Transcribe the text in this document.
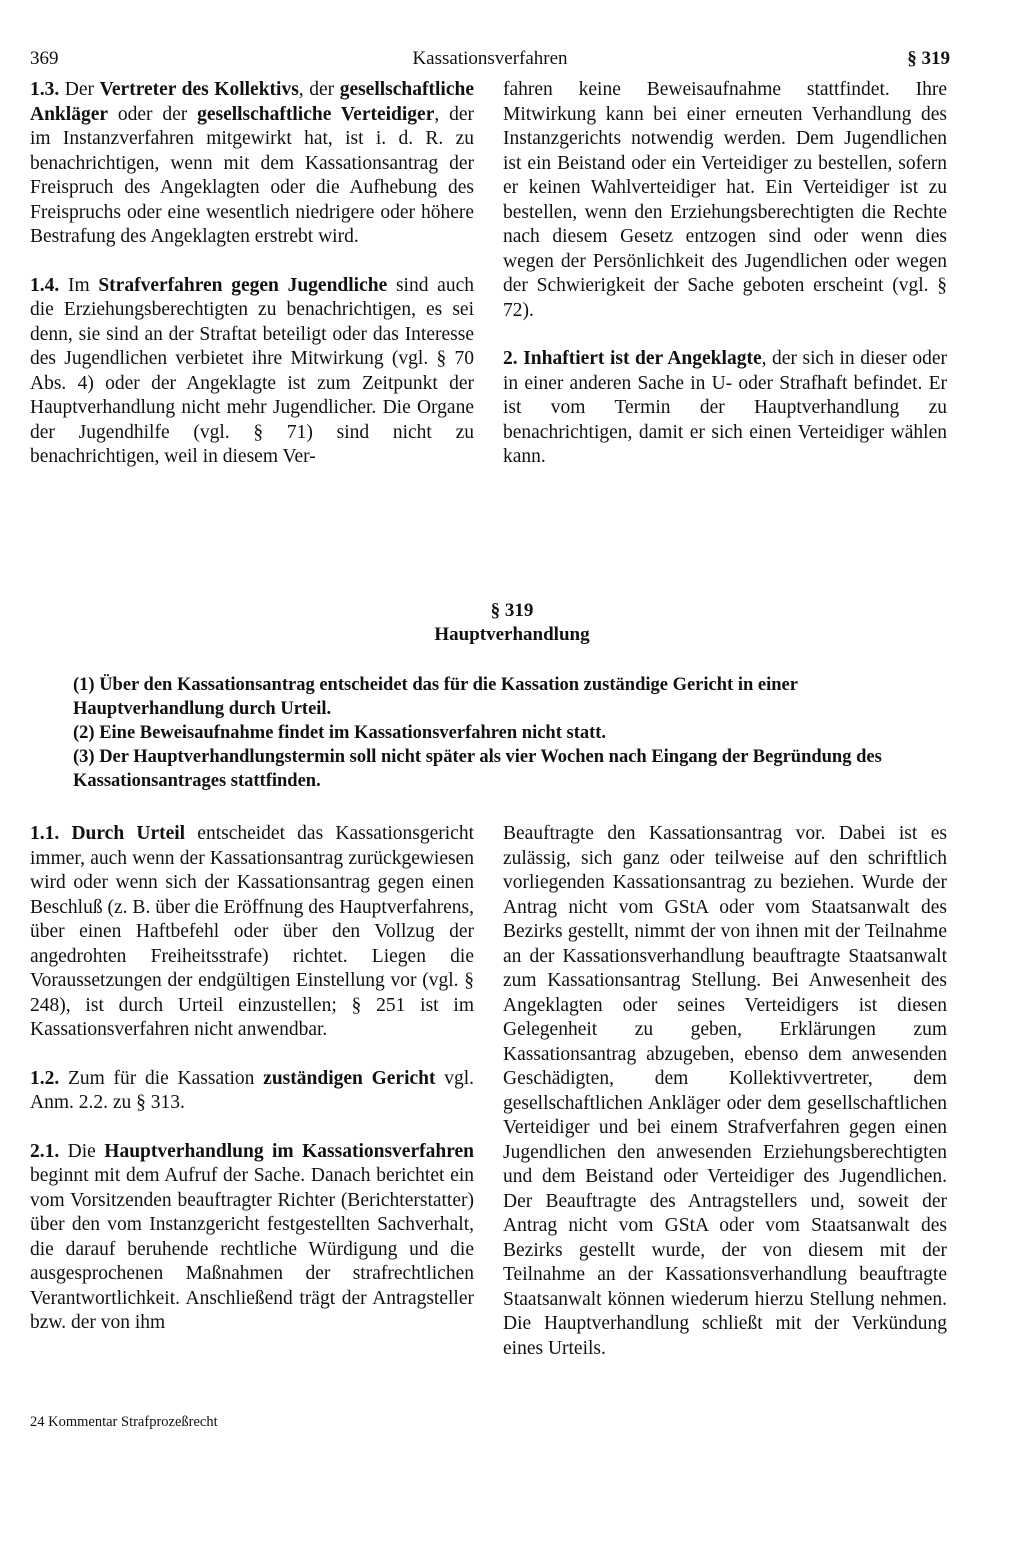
369	Kassationsverfahren	§ 319

1.3. Der Vertreter des Kollektivs, der gesellschaftliche Ankläger oder der gesellschaftliche Verteidiger, der im Instanzverfahren mitgewirkt hat, ist i. d. R. zu benachrichtigen, wenn mit dem Kassationsantrag der Freispruch des Angeklagten oder die Aufhebung des Freispruchs oder eine wesentlich niedrigere oder höhere Bestrafung des Angeklagten erstrebt wird.

1.4. Im Strafverfahren gegen Jugendliche sind auch die Erziehungsberechtigten zu benachrichtigen, es sei denn, sie sind an der Straftat beteiligt oder das Interesse des Jugendlichen verbietet ihre Mitwirkung (vgl. § 70 Abs. 4) oder der Angeklagte ist zum Zeitpunkt der Hauptverhandlung nicht mehr Jugendlicher. Die Organe der Jugendhilfe (vgl. § 71) sind nicht zu benachrichtigen, weil in diesem Ver-

fahren keine Beweisaufnahme stattfindet. Ihre Mitwirkung kann bei einer erneuten Verhandlung des Instanzgerichts notwendig werden. Dem Jugendlichen ist ein Beistand oder ein Verteidiger zu bestellen, sofern er keinen Wahlverteidiger hat. Ein Verteidiger ist zu bestellen, wenn den Erziehungsberechtigten die Rechte nach diesem Gesetz entzogen sind oder wenn dies wegen der Persönlichkeit des Jugendlichen oder wegen der Schwierigkeit der Sache geboten erscheint (vgl. § 72).

2. Inhaftiert ist der Angeklagte, der sich in dieser oder in einer anderen Sache in U- oder Strafhaft befindet. Er ist vom Termin der Hauptverhandlung zu benachrichtigen, damit er sich einen Verteidiger wählen kann.

§ 319
Hauptverhandlung

(1) Über den Kassationsantrag entscheidet das für die Kassation zuständige Gericht in einer Hauptverhandlung durch Urteil.

(2) Eine Beweisaufnahme findet im Kassationsverfahren nicht statt.

(3) Der Hauptverhandlungstermin soll nicht später als vier Wochen nach Eingang der Begründung des Kassationsantrages stattfinden.

1.1. Durch Urteil entscheidet das Kassationsgericht immer, auch wenn der Kassationsantrag zurückgewiesen wird oder wenn sich der Kassationsantrag gegen einen Beschluß (z. B. über die Eröffnung des Hauptverfahrens, über einen Haftbefehl oder über den Vollzug der angedrohten Freiheitsstrafe) richtet. Liegen die Voraussetzungen der endgültigen Einstellung vor (vgl. § 248), ist durch Urteil einzustellen; § 251 ist im Kassationsverfahren nicht anwendbar.

1.2. Zum für die Kassation zuständigen Gericht vgl. Anm. 2.2. zu § 313.

2.1. Die Hauptverhandlung im Kassationsverfahren beginnt mit dem Aufruf der Sache. Danach berichtet ein vom Vorsitzenden beauftragter Richter (Berichterstatter) über den vom Instanzgericht festgestellten Sachverhalt, die darauf beruhende rechtliche Würdigung und die ausgesprochenen Maßnahmen der strafrechtlichen Verantwortlichkeit. Anschließend trägt der Antragsteller bzw. der von ihm

Beauftragte den Kassationsantrag vor. Dabei ist es zulässig, sich ganz oder teilweise auf den schriftlich vorliegenden Kassationsantrag zu beziehen. Wurde der Antrag nicht vom GStA oder vom Staatsanwalt des Bezirks gestellt, nimmt der von ihnen mit der Teilnahme an der Kassationsverhandlung beauftragte Staatsanwalt zum Kassationsantrag Stellung. Bei Anwesenheit des Angeklagten oder seines Verteidigers ist diesen Gelegenheit zu geben, Erklärungen zum Kassationsantrag abzugeben, ebenso dem anwesenden Geschädigten, dem Kollektivvertreter, dem gesellschaftlichen Ankläger oder dem gesellschaftlichen Verteidiger und bei einem Strafverfahren gegen einen Jugendlichen den anwesenden Erziehungsberechtigten und dem Beistand oder Verteidiger des Jugendlichen. Der Beauftragte des Antragstellers und, soweit der Antrag nicht vom GStA oder vom Staatsanwalt des Bezirks gestellt wurde, der von diesem mit der Teilnahme an der Kassationsverhandlung beauftragte Staatsanwalt können wiederum hierzu Stellung nehmen. Die Hauptverhandlung schließt mit der Verkündung eines Urteils.

24 Kommentar Strafprozeßrecht
